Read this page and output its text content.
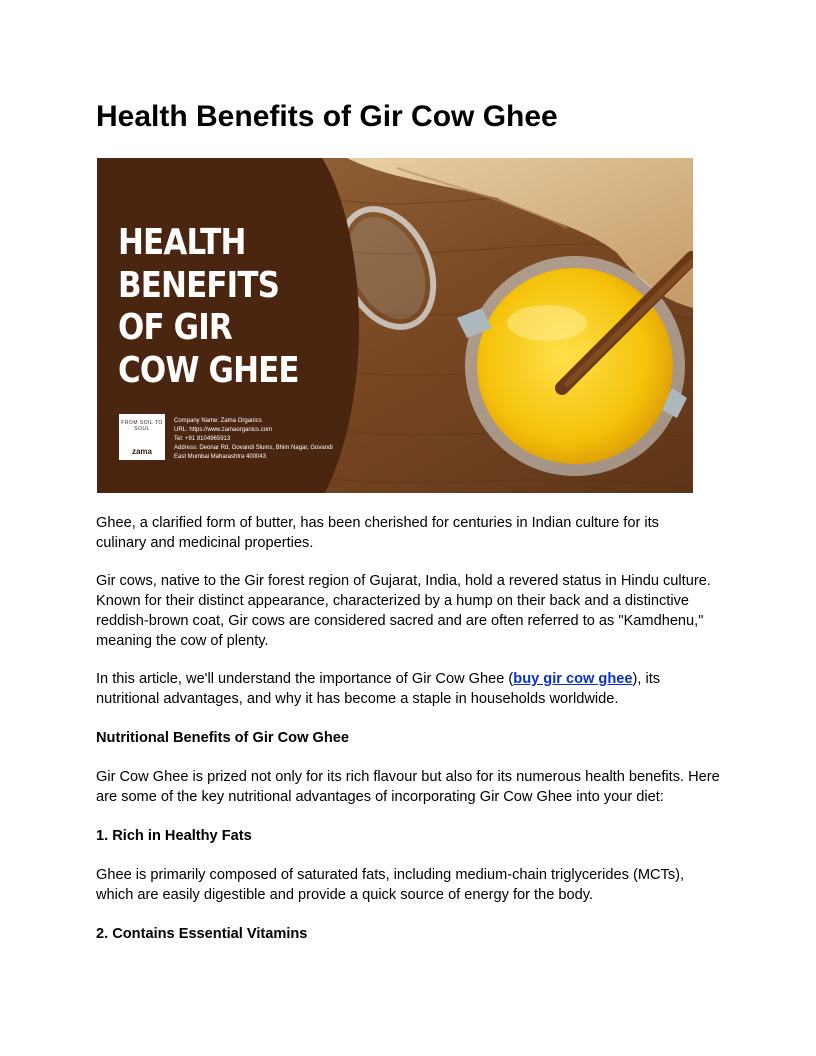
Health Benefits of Gir Cow Ghee
HEALTH
BENEFITS
OF GIR
COW GHEE
FROM SOIL TO SOUL
zama
Company Name: Zama Organics
URL: https://www.zamaorganics.com
Tel: +91 8104965913
Address: Deonar Rd, Govandi Slums, Bhim Nagar, Govandi
East Mumbai Maharashtra 400043

Ghee, a clarified form of butter, has been cherished for centuries in Indian culture for its culinary and medicinal properties.

Gir cows, native to the Gir forest region of Gujarat, India, hold a revered status in Hindu culture. Known for their distinct appearance, characterized by a hump on their back and a distinctive reddish-brown coat, Gir cows are considered sacred and are often referred to as "Kamdhenu," meaning the cow of plenty.

In this article, we'll understand the importance of Gir Cow Ghee (buy gir cow ghee), its nutritional advantages, and why it has become a staple in households worldwide.

Nutritional Benefits of Gir Cow Ghee

Gir Cow Ghee is prized not only for its rich flavour but also for its numerous health benefits. Here are some of the key nutritional advantages of incorporating Gir Cow Ghee into your diet:

1. Rich in Healthy Fats

Ghee is primarily composed of saturated fats, including medium-chain triglycerides (MCTs), which are easily digestible and provide a quick source of energy for the body.

2. Contains Essential Vitamins
